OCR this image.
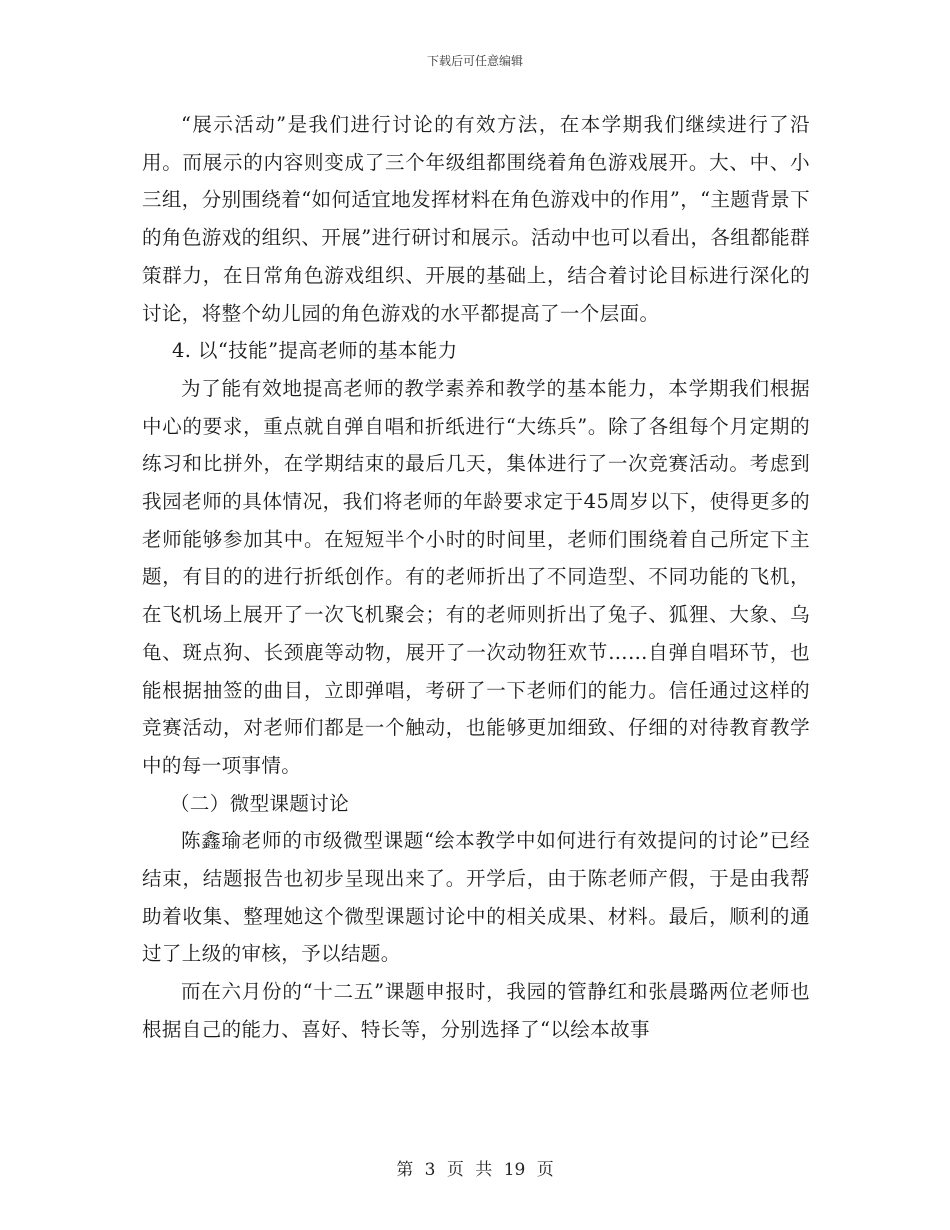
下载后可任意编辑

“展示活动”是我们进行讨论的有效方法，在本学期我们继续进行了沿用。而展示的内容则变成了三个年级组都围绕着角色游戏展开。大、中、小三组，分别围绕着“如何适宜地发挥材料在角色游戏中的作用”，“主题背景下的角色游戏的组织、开展”进行研讨和展示。活动中也可以看出，各组都能群策群力，在日常角色游戏组织、开展的基础上，结合着讨论目标进行深化的讨论，将整个幼儿园的角色游戏的水平都提高了一个层面。

4. 以“技能”提高老师的基本能力

为了能有效地提高老师的教学素养和教学的基本能力，本学期我们根据中心的要求，重点就自弹自唱和折纸进行“大练兵”。除了各组每个月定期的练习和比拼外，在学期结束的最后几天，集体进行了一次竞赛活动。考虑到我园老师的具体情况，我们将老师的年龄要求定于45周岁以下，使得更多的老师能够参加其中。在短短半个小时的时间里，老师们围绕着自己所定下主题，有目的的进行折纸创作。有的老师折出了不同造型、不同功能的飞机，在飞机场上展开了一次飞机聚会；有的老师则折出了兔子、狐狸、大象、乌龟、斑点狗、长颈鹿等动物，展开了一次动物狂欢节……自弹自唱环节，也能根据抽签的曲目，立即弹唱，考研了一下老师们的能力。信任通过这样的竞赛活动，对老师们都是一个触动，也能够更加细致、仔细的对待教育教学中的每一项事情。

（二）微型课题讨论

陈鑫瑜老师的市级微型课题“绘本教学中如何进行有效提问的讨论”已经结束，结题报告也初步呈现出来了。开学后，由于陈老师产假，于是由我帮助着收集、整理她这个微型课题讨论中的相关成果、材料。最后，顺利的通过了上级的审核，予以结题。

而在六月份的“十二五”课题申报时，我园的管静红和张晨璐两位老师也根据自己的能力、喜好、特长等，分别选择了“以绘本故事

第 3 页 共 19 页
